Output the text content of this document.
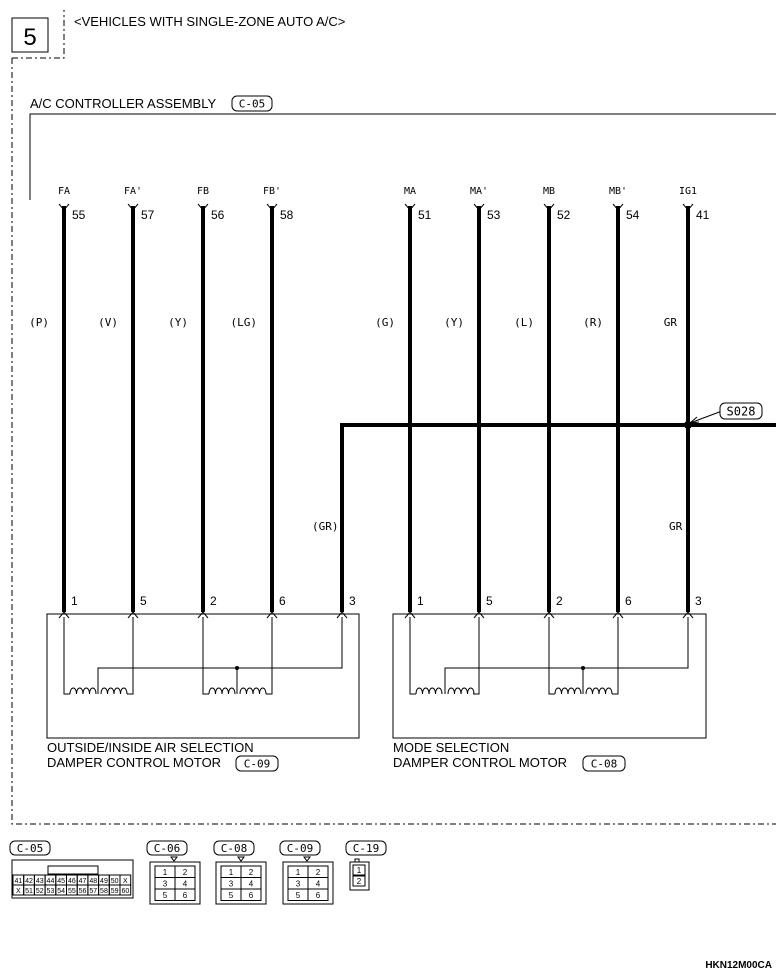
5
<VEHICLES WITH SINGLE-ZONE AUTO A/C>
A/C CONTROLLER ASSEMBLY C-05
FA
55
(P)
FA'
57
(V)
FB
56
(Y)
FB'
58
(LG)
MA
51
(G)
MA'
53
(Y)
MB
52
(L)
MB'
54
(R)
IG1
41
GR
S028
(GR)	GR
1	5	2	6	3	1	5	2	6	3
OUTSIDE/INSIDE AIR SELECTION
DAMPER CONTROL MOTOR C-09
MODE SELECTION
DAMPER CONTROL MOTOR C-08
C-05
41 42 43 44 45 46 47 48 49 50 X
X 51 52 53 54 55 56 57 58 59 60
C-06
1 2
3 4
5 6
C-08
1 2
3 4
5 6
C-09
1 2
3 4
5 6
C-19
1
2
HKN12M00CA
